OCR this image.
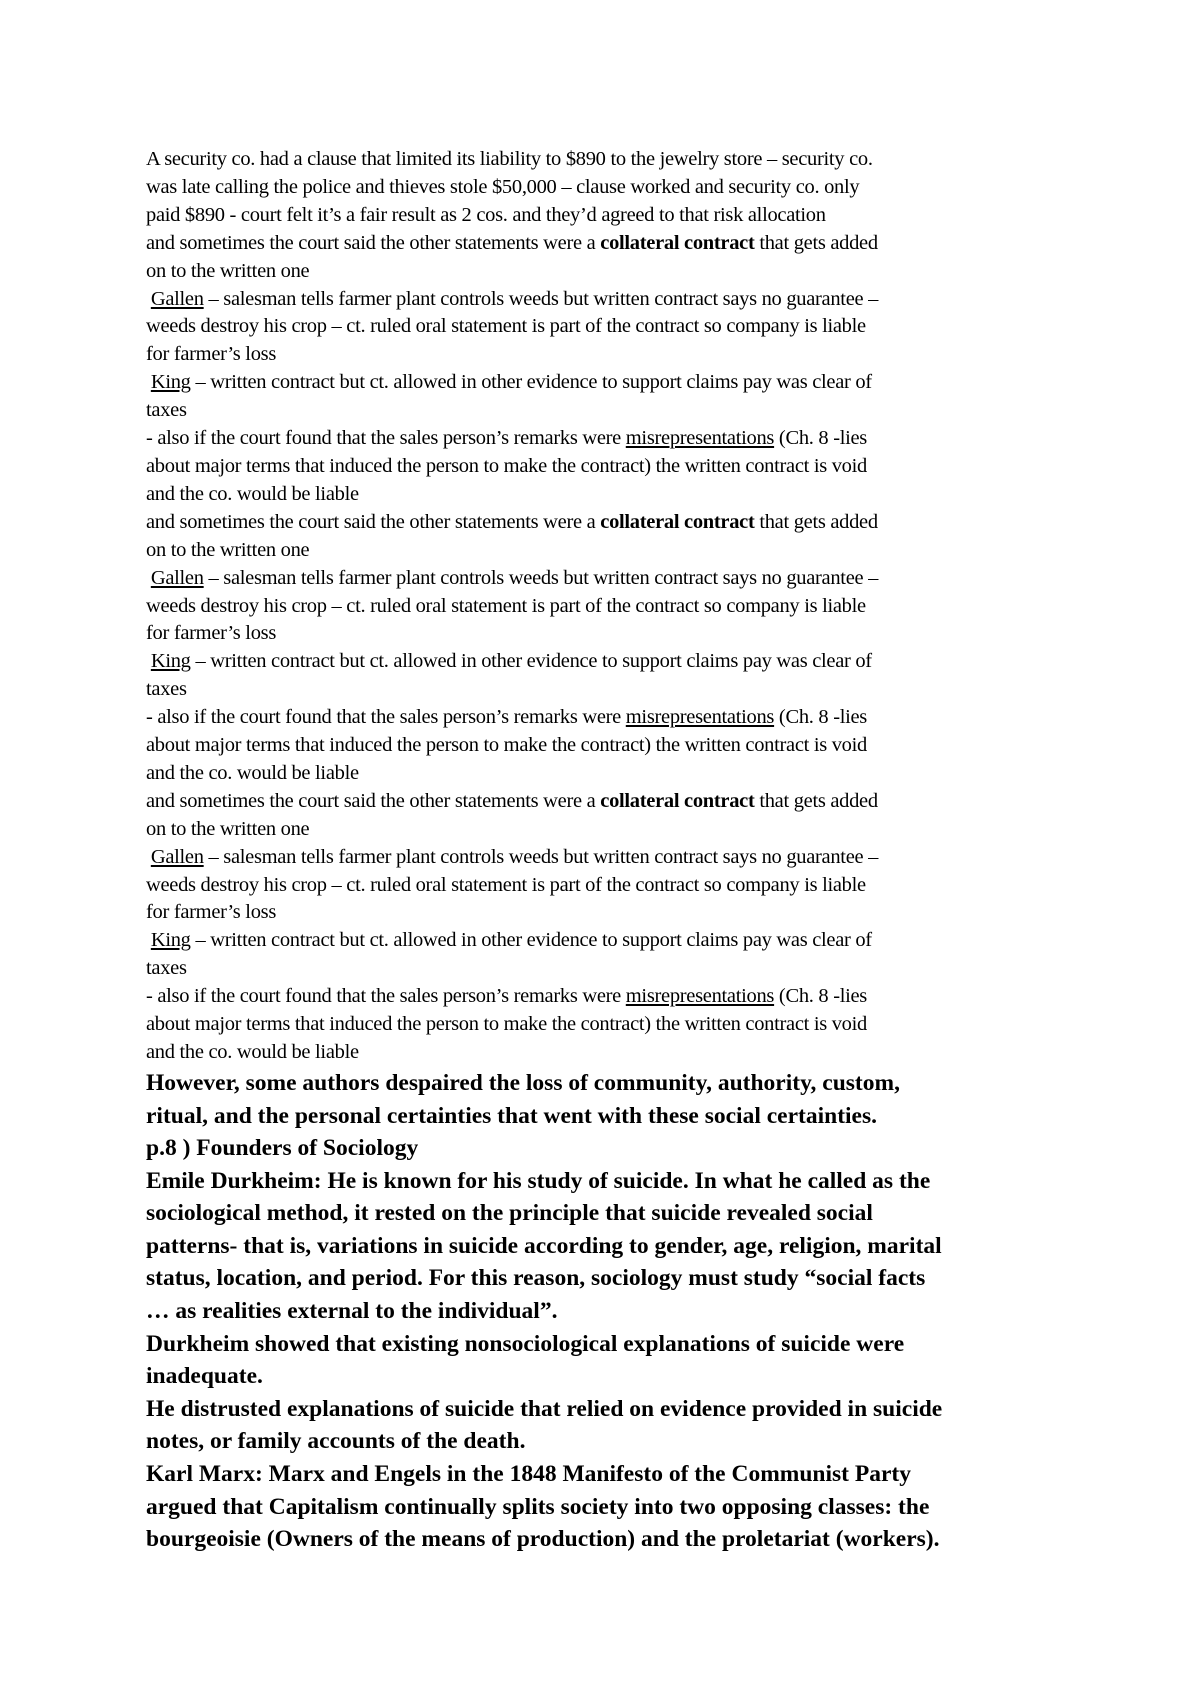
A security co. had a clause that limited its liability to $890 to the jewelry store – security co.

was late calling the police and thieves stole $50,000 – clause worked and security co. only

paid $890 - court felt it’s a fair result as 2 cos. and they’d agreed to that risk allocation

and sometimes the court said the other statements were a collateral contract that gets added

on to the written one

Gallen – salesman tells farmer plant controls weeds but written contract says no guarantee –

weeds destroy his crop – ct. ruled oral statement is part of the contract so company is liable

for farmer’s loss

King – written contract but ct. allowed in other evidence to support claims pay was clear of

taxes

- also if the court found that the sales person’s remarks were misrepresentations (Ch. 8 -lies

about major terms that induced the person to make the contract) the written contract is void

and the co. would be liable

and sometimes the court said the other statements were a collateral contract that gets added

on to the written one

Gallen – salesman tells farmer plant controls weeds but written contract says no guarantee –

weeds destroy his crop – ct. ruled oral statement is part of the contract so company is liable

for farmer’s loss

King – written contract but ct. allowed in other evidence to support claims pay was clear of

taxes

- also if the court found that the sales person’s remarks were misrepresentations (Ch. 8 -lies

about major terms that induced the person to make the contract) the written contract is void

and the co. would be liable

and sometimes the court said the other statements were a collateral contract that gets added

on to the written one

Gallen – salesman tells farmer plant controls weeds but written contract says no guarantee –

weeds destroy his crop – ct. ruled oral statement is part of the contract so company is liable

for farmer’s loss

King – written contract but ct. allowed in other evidence to support claims pay was clear of

taxes

- also if the court found that the sales person’s remarks were misrepresentations (Ch. 8 -lies

about major terms that induced the person to make the contract) the written contract is void

and the co. would be liable

However, some authors despaired the loss of community, authority, custom,

ritual, and the personal certainties that went with these social certainties.

p.8 ) Founders of Sociology

Emile Durkheim: He is known for his study of suicide. In what he called as the

sociological method, it rested on the principle that suicide revealed social

patterns- that is, variations in suicide according to gender, age, religion, marital

status, location, and period. For this reason, sociology must study “social facts

… as realities external to the individual”.

Durkheim showed that existing nonsociological explanations of suicide were

inadequate.

He distrusted explanations of suicide that relied on evidence provided in suicide

notes, or family accounts of the death.

Karl Marx: Marx and Engels in the 1848 Manifesto of the Communist Party

argued that Capitalism continually splits society into two opposing classes: the

bourgeoisie (Owners of the means of production) and the proletariat (workers).
